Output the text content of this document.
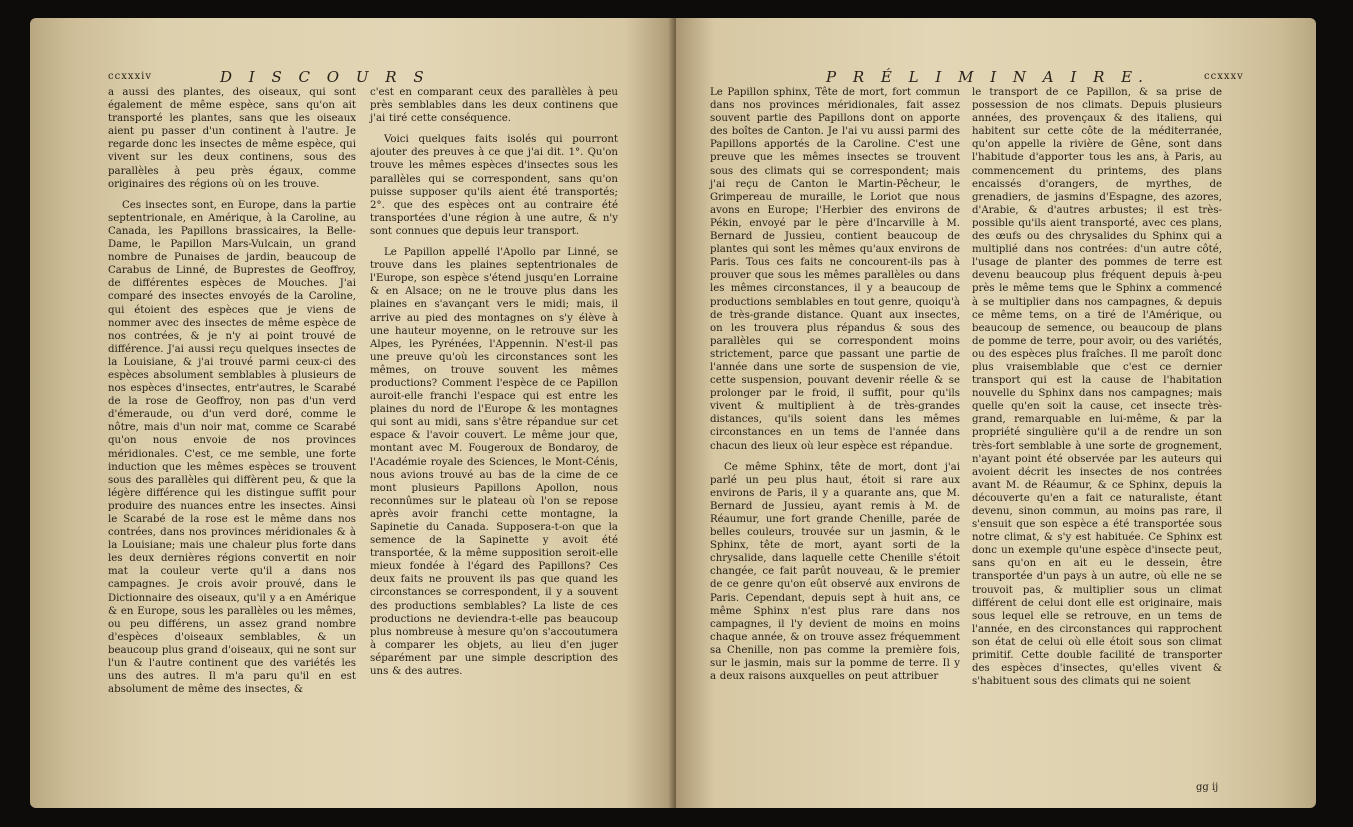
ccxxxiv	D I S C O U R S

a aussi des plantes, des oiseaux, qui sont également de même espèce, sans qu'on ait transporté les plantes, sans que les oiseaux aient pu passer d'un continent à l'autre. Je regarde donc les insectes de même espèce, qui vivent sur les deux continens, sous des parallèles à peu près égaux, comme originaires des régions où on les trouve.

Ces insectes sont, en Europe, dans la partie septentrionale, en Amérique, à la Caroline, au Canada, les Papillons brassicaires, la Belle-Dame, le Papillon Mars-Vulcain, un grand nombre de Punaises de jardin, beaucoup de Carabus de Linné, de Buprestes de Geoffroy, de différentes espèces de Mouches. J'ai comparé des insectes envoyés de la Caroline, qui étoient des espèces que je viens de nommer avec des insectes de même espèce de nos contrées, & je n'y ai point trouvé de différence. J'ai aussi reçu quelques insectes de la Louisiane, & j'ai trouvé parmi ceux-ci des espèces absolument semblables à plusieurs de nos espèces d'insectes, entr'autres, le Scarabé de la rose de Geoffroy, non pas d'un verd d'émeraude, ou d'un verd doré, comme le nôtre, mais d'un noir mat, comme ce Scarabé qu'on nous envoie de nos provinces méridionales. C'est, ce me semble, une forte induction que les mêmes espèces se trouvent sous des parallèles qui diffèrent peu, & que la légère différence qui les distingue suffit pour produire des nuances entre les insectes. Ainsi le Scarabé de la rose est le même dans nos contrées, dans nos provinces méridionales & à la Louisiane; mais une chaleur plus forte dans les deux dernières régions convertit en noir mat la couleur verte qu'il a dans nos campagnes. Je crois avoir prouvé, dans le Dictionnaire des oiseaux, qu'il y a en Amérique & en Europe, sous les parallèles ou les mêmes, ou peu différens, un assez grand nombre d'espèces d'oiseaux semblables, & un beaucoup plus grand d'oiseaux, qui ne sont sur l'un & l'autre continent que des variétés les uns des autres. Il m'a paru qu'il en est absolument de même des insectes, &

c'est en comparant ceux des parallèles à peu près semblables dans les deux continens que j'ai tiré cette conséquence.

Voici quelques faits isolés qui pourront ajouter des preuves à ce que j'ai dit. 1°. Qu'on trouve les mêmes espèces d'insectes sous les parallèles qui se correspondent, sans qu'on puisse supposer qu'ils aient été transportés; 2°. que des espèces ont au contraire été transportées d'une région à une autre, & n'y sont connues que depuis leur transport.

Le Papillon appellé l'Apollo par Linné, se trouve dans les plaines septentrionales de l'Europe, son espèce s'étend jusqu'en Lorraine & en Alsace; on ne le trouve plus dans les plaines en s'avançant vers le midi; mais, il arrive au pied des montagnes on s'y élève à une hauteur moyenne, on le retrouve sur les Alpes, les Pyrénées, l'Appennin. N'est-il pas une preuve qu'où les circonstances sont les mêmes, on trouve souvent les mêmes productions? Comment l'espèce de ce Papillon auroit-elle franchi l'espace qui est entre les plaines du nord de l'Europe & les montagnes qui sont au midi, sans s'être répandue sur cet espace & l'avoir couvert. Le même jour que, montant avec M. Fougeroux de Bondaroy, de l'Académie royale des Sciences, le Mont-Cénis, nous avions trouvé au bas de la cime de ce mont plusieurs Papillons Apollon, nous reconnûmes sur le plateau où l'on se repose après avoir franchi cette montagne, la Sapinetie du Canada. Supposera-t-on que la semence de la Sapinette y avoit été transportée, & la même supposition seroit-elle mieux fondée à l'égard des Papillons? Ces deux faits ne prouvent ils pas que quand les circonstances se correspondent, il y a souvent des productions semblables? La liste de ces productions ne deviendra-t-elle pas beaucoup plus nombreuse à mesure qu'on s'accoutumera à comparer les objets, au lieu d'en juger séparément par une simple description des uns & des autres.

P R É L I M I N A I R E.	ccxxxv

Le Papillon sphinx, Tête de mort, fort commun dans nos provinces méridionales, fait assez souvent partie des Papillons dont on apporte des boîtes de Canton. Je l'ai vu aussi parmi des Papillons apportés de la Caroline. C'est une preuve que les mêmes insectes se trouvent sous des climats qui se correspondent; mais j'ai reçu de Canton le Martin-Pêcheur, le Grimpereau de muraille, le Loriot que nous avons en Europe; l'Herbier des environs de Pékin, envoyé par le père d'Incarville à M. Bernard de Jussieu, contient beaucoup de plantes qui sont les mêmes qu'aux environs de Paris. Tous ces faits ne concourent-ils pas à prouver que sous les mêmes parallèles ou dans les mêmes circonstances, il y a beaucoup de productions semblables en tout genre, quoiqu'à de très-grande distance. Quant aux insectes, on les trouvera plus répandus & sous des parallèles qui se correspondent moins strictement, parce que passant une partie de l'année dans une sorte de suspension de vie, cette suspension, pouvant devenir réelle & se prolonger par le froid, il suffit, pour qu'ils vivent & multiplient à de très-grandes distances, qu'ils soient dans les mêmes circonstances en un tems de l'année dans chacun des lieux où leur espèce est répandue.

Ce même Sphinx, tête de mort, dont j'ai parlé un peu plus haut, étoit si rare aux environs de Paris, il y a quarante ans, que M. Bernard de Jussieu, ayant remis à M. de Réaumur, une fort grande Chenille, parée de belles couleurs, trouvée sur un jasmin, & le Sphinx, tête de mort, ayant sorti de la chrysalide, dans laquelle cette Chenille s'étoit changée, ce fait parût nouveau, & le premier de ce genre qu'on eût observé aux environs de Paris. Cependant, depuis sept à huit ans, ce même Sphinx n'est plus rare dans nos campagnes, il l'y devient de moins en moins chaque année, & on trouve assez fréquemment sa Chenille, non pas comme la première fois, sur le jasmin, mais sur la pomme de terre. Il y a deux raisons auxquelles on peut attribuer

le transport de ce Papillon, & sa prise de possession de nos climats. Depuis plusieurs années, des provençaux & des italiens, qui habitent sur cette côte de la méditerranée, qu'on appelle la rivière de Gêne, sont dans l'habitude d'apporter tous les ans, à Paris, au commencement du printems, des plans encaissés d'orangers, de myrthes, de grenadiers, de jasmins d'Espagne, des azores, d'Arabie, & d'autres arbustes; il est très-possible qu'ils aient transporté, avec ces plans, des œufs ou des chrysalides du Sphinx qui a multiplié dans nos contrées: d'un autre côté, l'usage de planter des pommes de terre est devenu beaucoup plus fréquent depuis à-peu près le même tems que le Sphinx a commencé à se multiplier dans nos campagnes, & depuis ce même tems, on a tiré de l'Amérique, ou beaucoup de semence, ou beaucoup de plans de pomme de terre, pour avoir, ou des variétés, ou des espèces plus fraîches. Il me paroît donc plus vraisemblable que c'est ce dernier transport qui est la cause de l'habitation nouvelle du Sphinx dans nos campagnes; mais quelle qu'en soit la cause, cet insecte très-grand, remarquable en lui-même, & par la propriété singulière qu'il a de rendre un son très-fort semblable à une sorte de grognement, n'ayant point été observée par les auteurs qui avoient décrit les insectes de nos contrées avant M. de Réaumur, & ce Sphinx, depuis la découverte qu'en a fait ce naturaliste, étant devenu, sinon commun, au moins pas rare, il s'ensuit que son espèce a été transportée sous notre climat, & s'y est habituée. Ce Sphinx est donc un exemple qu'une espèce d'insecte peut, sans qu'on en ait eu le dessein, être transportée d'un pays à un autre, où elle ne se trouvoit pas, & multiplier sous un climat différent de celui dont elle est originaire, mais sous lequel elle se retrouve, en un tems de l'année, en des circonstances qui rapprochent son état de celui où elle étoit sous son climat primitif. Cette double facilité de transporter des espèces d'insectes, qu'elles vivent & s'habituent sous des climats qui ne soient

gg ij
